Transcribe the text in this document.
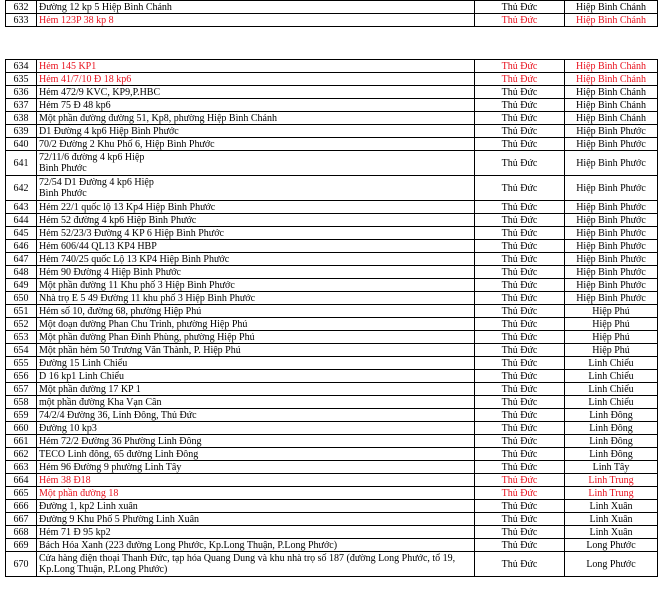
632	Đường 12 kp 5 Hiệp Bình Chánh	Thủ Đức	Hiệp Bình Chánh
633	Hẻm 123P 38 kp 8	Thủ Đức	Hiệp Bình Chánh
634	Hẻm 145 KP1	Thủ Đức	Hiệp Bình Chánh
635	Hẻm 41/7/10 Đ 18 kp6	Thủ Đức	Hiệp Bình Chánh
636	Hẻm 472/9 KVC, KP9,P.HBC	Thủ Đức	Hiệp Bình Chánh
637	Hẻm 75 Đ 48 kp6	Thủ Đức	Hiệp Bình Chánh
638	Một phần đường đường 51, Kp8, phường Hiệp Bình Chánh	Thủ Đức	Hiệp Bình Chánh
639	D1 Đường 4 kp6 Hiệp Bình Phước	Thủ Đức	Hiệp Bình Phước
640	70/2 Đường 2 Khu Phố 6, Hiệp Bình Phước	Thủ Đức	Hiệp Bình Phước
641	72/11/6 đường 4 kp6 Hiệp
Bình Phước	Thủ Đức	Hiệp Bình Phước
642	72/54 D1 Đường 4 kp6 Hiệp
Bình Phước	Thủ Đức	Hiệp Bình Phước
643	Hẻm 22/1 quốc lộ 13 Kp4 Hiệp Bình Phước	Thủ Đức	Hiệp Bình Phước
644	Hẻm 52 đường 4 kp6 Hiệp Bình Phước	Thủ Đức	Hiệp Bình Phước
645	Hẻm 52/23/3 Đường 4 KP 6 Hiệp Bình Phước	Thủ Đức	Hiệp Bình Phước
646	Hẻm 606/44 QL13 KP4 HBP	Thủ Đức	Hiệp Bình Phước
647	Hẻm 740/25 quốc Lộ 13 KP4 Hiệp Bình Phước	Thủ Đức	Hiệp Bình Phước
648	Hẻm 90 Đường 4 Hiệp Bình Phước	Thủ Đức	Hiệp Bình Phước
649	Một phần đường 11 Khu phố 3 Hiệp Bình Phước	Thủ Đức	Hiệp Bình Phước
650	Nhà trọ E 5 49 Đường 11 khu phố 3 Hiệp Bình Phước	Thủ Đức	Hiệp Bình Phước
651	Hẻm số 10, đường 68, phường Hiệp Phú	Thủ Đức	Hiệp Phú
652	Một đoạn đường Phan Chu Trinh, phường Hiệp Phú	Thủ Đức	Hiệp Phú
653	Một phần đường Phan Đình Phùng, phường Hiệp Phú	Thủ Đức	Hiệp Phú
654	Một phần hẻm 50 Trương Văn Thành, P. Hiệp Phú	Thủ Đức	Hiệp Phú
655	Đường 15 Linh Chiểu	Thủ Đức	Linh Chiểu
656	D 16 kp1 Linh Chiểu	Thủ Đức	Linh Chiểu
657	Một phần đường 17 KP 1	Thủ Đức	Linh Chiểu
658	một phần đường Kha Vạn Cân	Thủ Đức	Linh Chiểu
659	74/2/4 Đường 36, Linh Đông, Thủ Đức	Thủ Đức	Linh Đông
660	Đường 10 kp3	Thủ Đức	Linh Đông
661	Hẻm 72/2 Đường 36 Phường Linh Đông	Thủ Đức	Linh Đông
662	TECO Linh đông, 65 đường Linh Đông	Thủ Đức	Linh Đông
663	Hẻm 96 Đường 9 phường Linh Tây	Thủ Đức	Linh Tây
664	Hẻm 38 Đ18	Thủ Đức	Linh Trung
665	Một phần đường 18	Thủ Đức	Linh Trung
666	Đường 1, kp2 Linh xuân	Thủ Đức	Linh Xuân
667	Đường 9 Khu Phố 5 Phường Linh Xuân	Thủ Đức	Linh Xuân
668	Hẻm 71 Đ 95 kp2	Thủ Đức	Linh Xuân
669	Bách Hóa Xanh (223 đường Long Phước, Kp.Long Thuận, P.Long Phước)	Thủ Đức	Long Phước
670	Cửa hàng điện thoại Thanh Đức, tạp hóa Quang Dung và khu nhà trọ số 187 (đường Long Phước, tổ 19,
Kp.Long Thuận, P.Long Phước)	Thủ Đức	Long Phước
